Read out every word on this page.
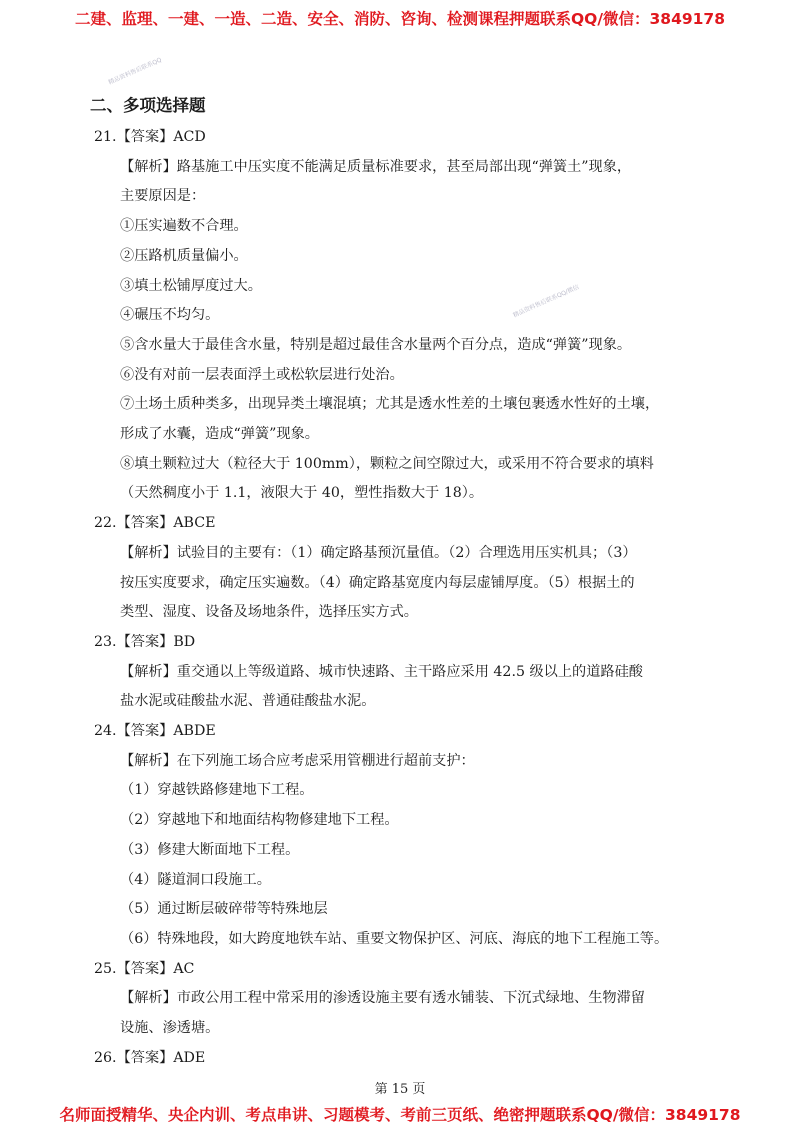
二建、监理、一建、一造、二造、安全、消防、咨询、检测课程押题联系QQ/微信：3849178
精品资料售后联系QQ
精品资料售后联系QQ/微信
二、多项选择题
21.【答案】ACD
【解析】路基施工中压实度不能满足质量标准要求，甚至局部出现“弹簧土”现象，
主要原因是：
①压实遍数不合理。
②压路机质量偏小。
③填土松铺厚度过大。
④碾压不均匀。
⑤含水量大于最佳含水量，特别是超过最佳含水量两个百分点，造成“弹簧”现象。
⑥没有对前一层表面浮土或松软层进行处治。
⑦土场土质种类多，出现异类土壤混填；尤其是透水性差的土壤包裹透水性好的土壤，
形成了水囊，造成“弹簧”现象。
⑧填土颗粒过大（粒径大于 100mm），颗粒之间空隙过大，或采用不符合要求的填料
（天然稠度小于 1.1，液限大于 40，塑性指数大于 18）。
22.【答案】ABCE
【解析】试验目的主要有：（1）确定路基预沉量值。（2）合理选用压实机具；（3）
按压实度要求，确定压实遍数。（4）确定路基宽度内每层虚铺厚度。（5）根据土的
类型、湿度、设备及场地条件，选择压实方式。
23.【答案】BD
【解析】重交通以上等级道路、城市快速路、主干路应采用 42.5 级以上的道路硅酸
盐水泥或硅酸盐水泥、普通硅酸盐水泥。
24.【答案】ABDE
【解析】在下列施工场合应考虑采用管棚进行超前支护：
（1）穿越铁路修建地下工程。
（2）穿越地下和地面结构物修建地下工程。
（3）修建大断面地下工程。
（4）隧道洞口段施工。
（5）通过断层破碎带等特殊地层
（6）特殊地段，如大跨度地铁车站、重要文物保护区、河底、海底的地下工程施工等。
25.【答案】AC
【解析】市政公用工程中常采用的渗透设施主要有透水铺装、下沉式绿地、生物滞留
设施、渗透塘。
26.【答案】ADE
第 15 页
名师面授精华、央企内训、考点串讲、习题模考、考前三页纸、绝密押题联系QQ/微信：3849178
